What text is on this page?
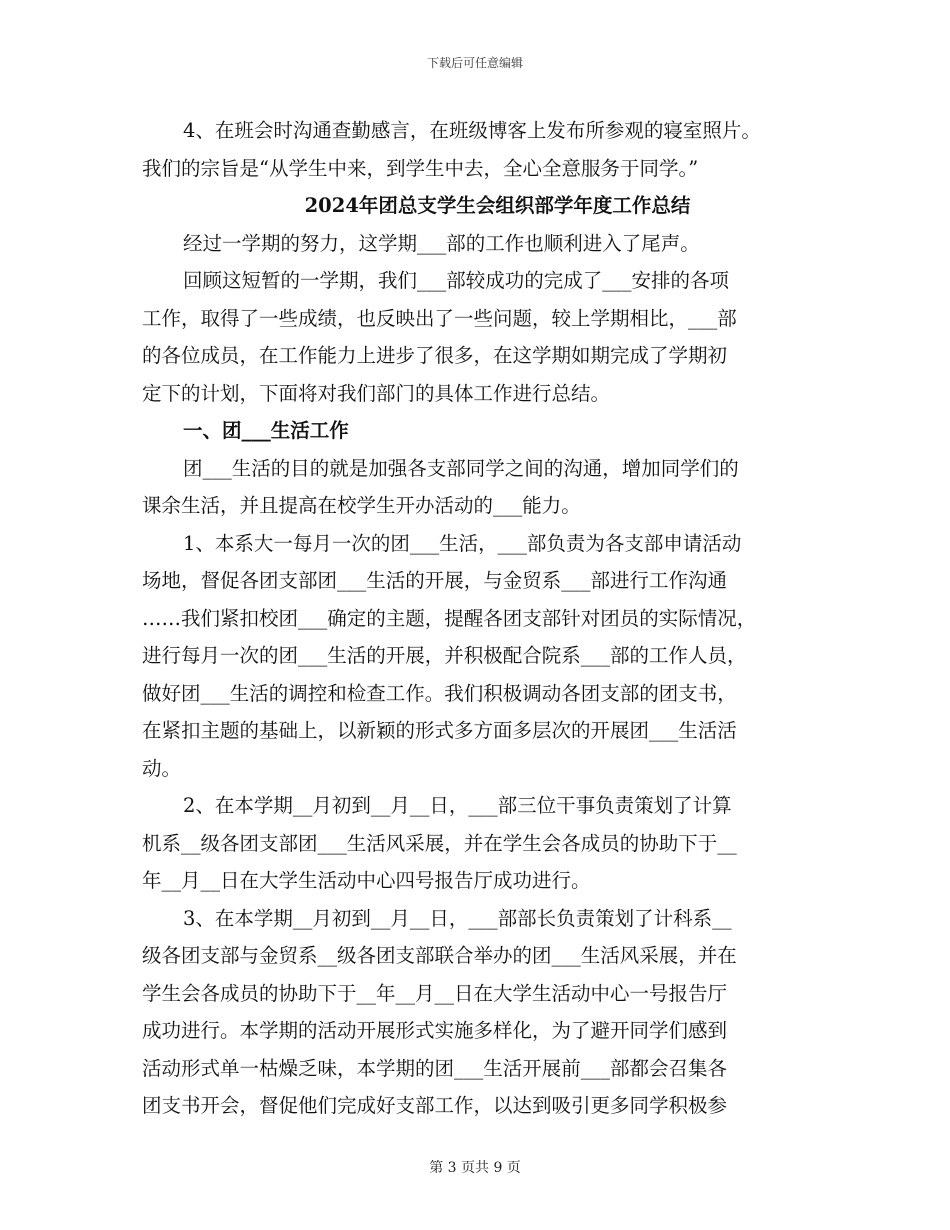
下载后可任意编辑

4、在班会时沟通查勤感言，在班级博客上发布所参观的寝室照片。

我们的宗旨是“从学生中来，到学生中去，全心全意服务于同学。”

2024年团总支学生会组织部学年度工作总结

经过一学期的努力，这学期___部的工作也顺利进入了尾声。

回顾这短暂的一学期，我们___部较成功的完成了___安排的各项

工作，取得了一些成绩，也反映出了一些问题，较上学期相比，___部

的各位成员，在工作能力上进步了很多，在这学期如期完成了学期初

定下的计划，下面将对我们部门的具体工作进行总结。

一、团___生活工作

团___生活的目的就是加强各支部同学之间的沟通，增加同学们的

课余生活，并且提高在校学生开办活动的___能力。

1、本系大一每月一次的团___生活，___部负责为各支部申请活动

场地，督促各团支部团___生活的开展，与金贸系___部进行工作沟通

……我们紧扣校团___确定的主题，提醒各团支部针对团员的实际情况，

进行每月一次的团___生活的开展，并积极配合院系___部的工作人员，

做好团___生活的调控和检查工作。我们积极调动各团支部的团支书，

在紧扣主题的基础上，以新颖的形式多方面多层次的开展团___生活活

动。

2、在本学期__月初到__月__日，___部三位干事负责策划了计算

机系__级各团支部团___生活风采展，并在学生会各成员的协助下于__

年__月__日在大学生活动中心四号报告厅成功进行。

3、在本学期__月初到__月__日，___部部长负责策划了计科系__

级各团支部与金贸系__级各团支部联合举办的团___生活风采展，并在

学生会各成员的协助下于__年__月__日在大学生活动中心一号报告厅

成功进行。本学期的活动开展形式实施多样化，为了避开同学们感到

活动形式单一枯燥乏味，本学期的团___生活开展前___部都会召集各

团支书开会，督促他们完成好支部工作，以达到吸引更多同学积极参

第 3 页共 9 页
